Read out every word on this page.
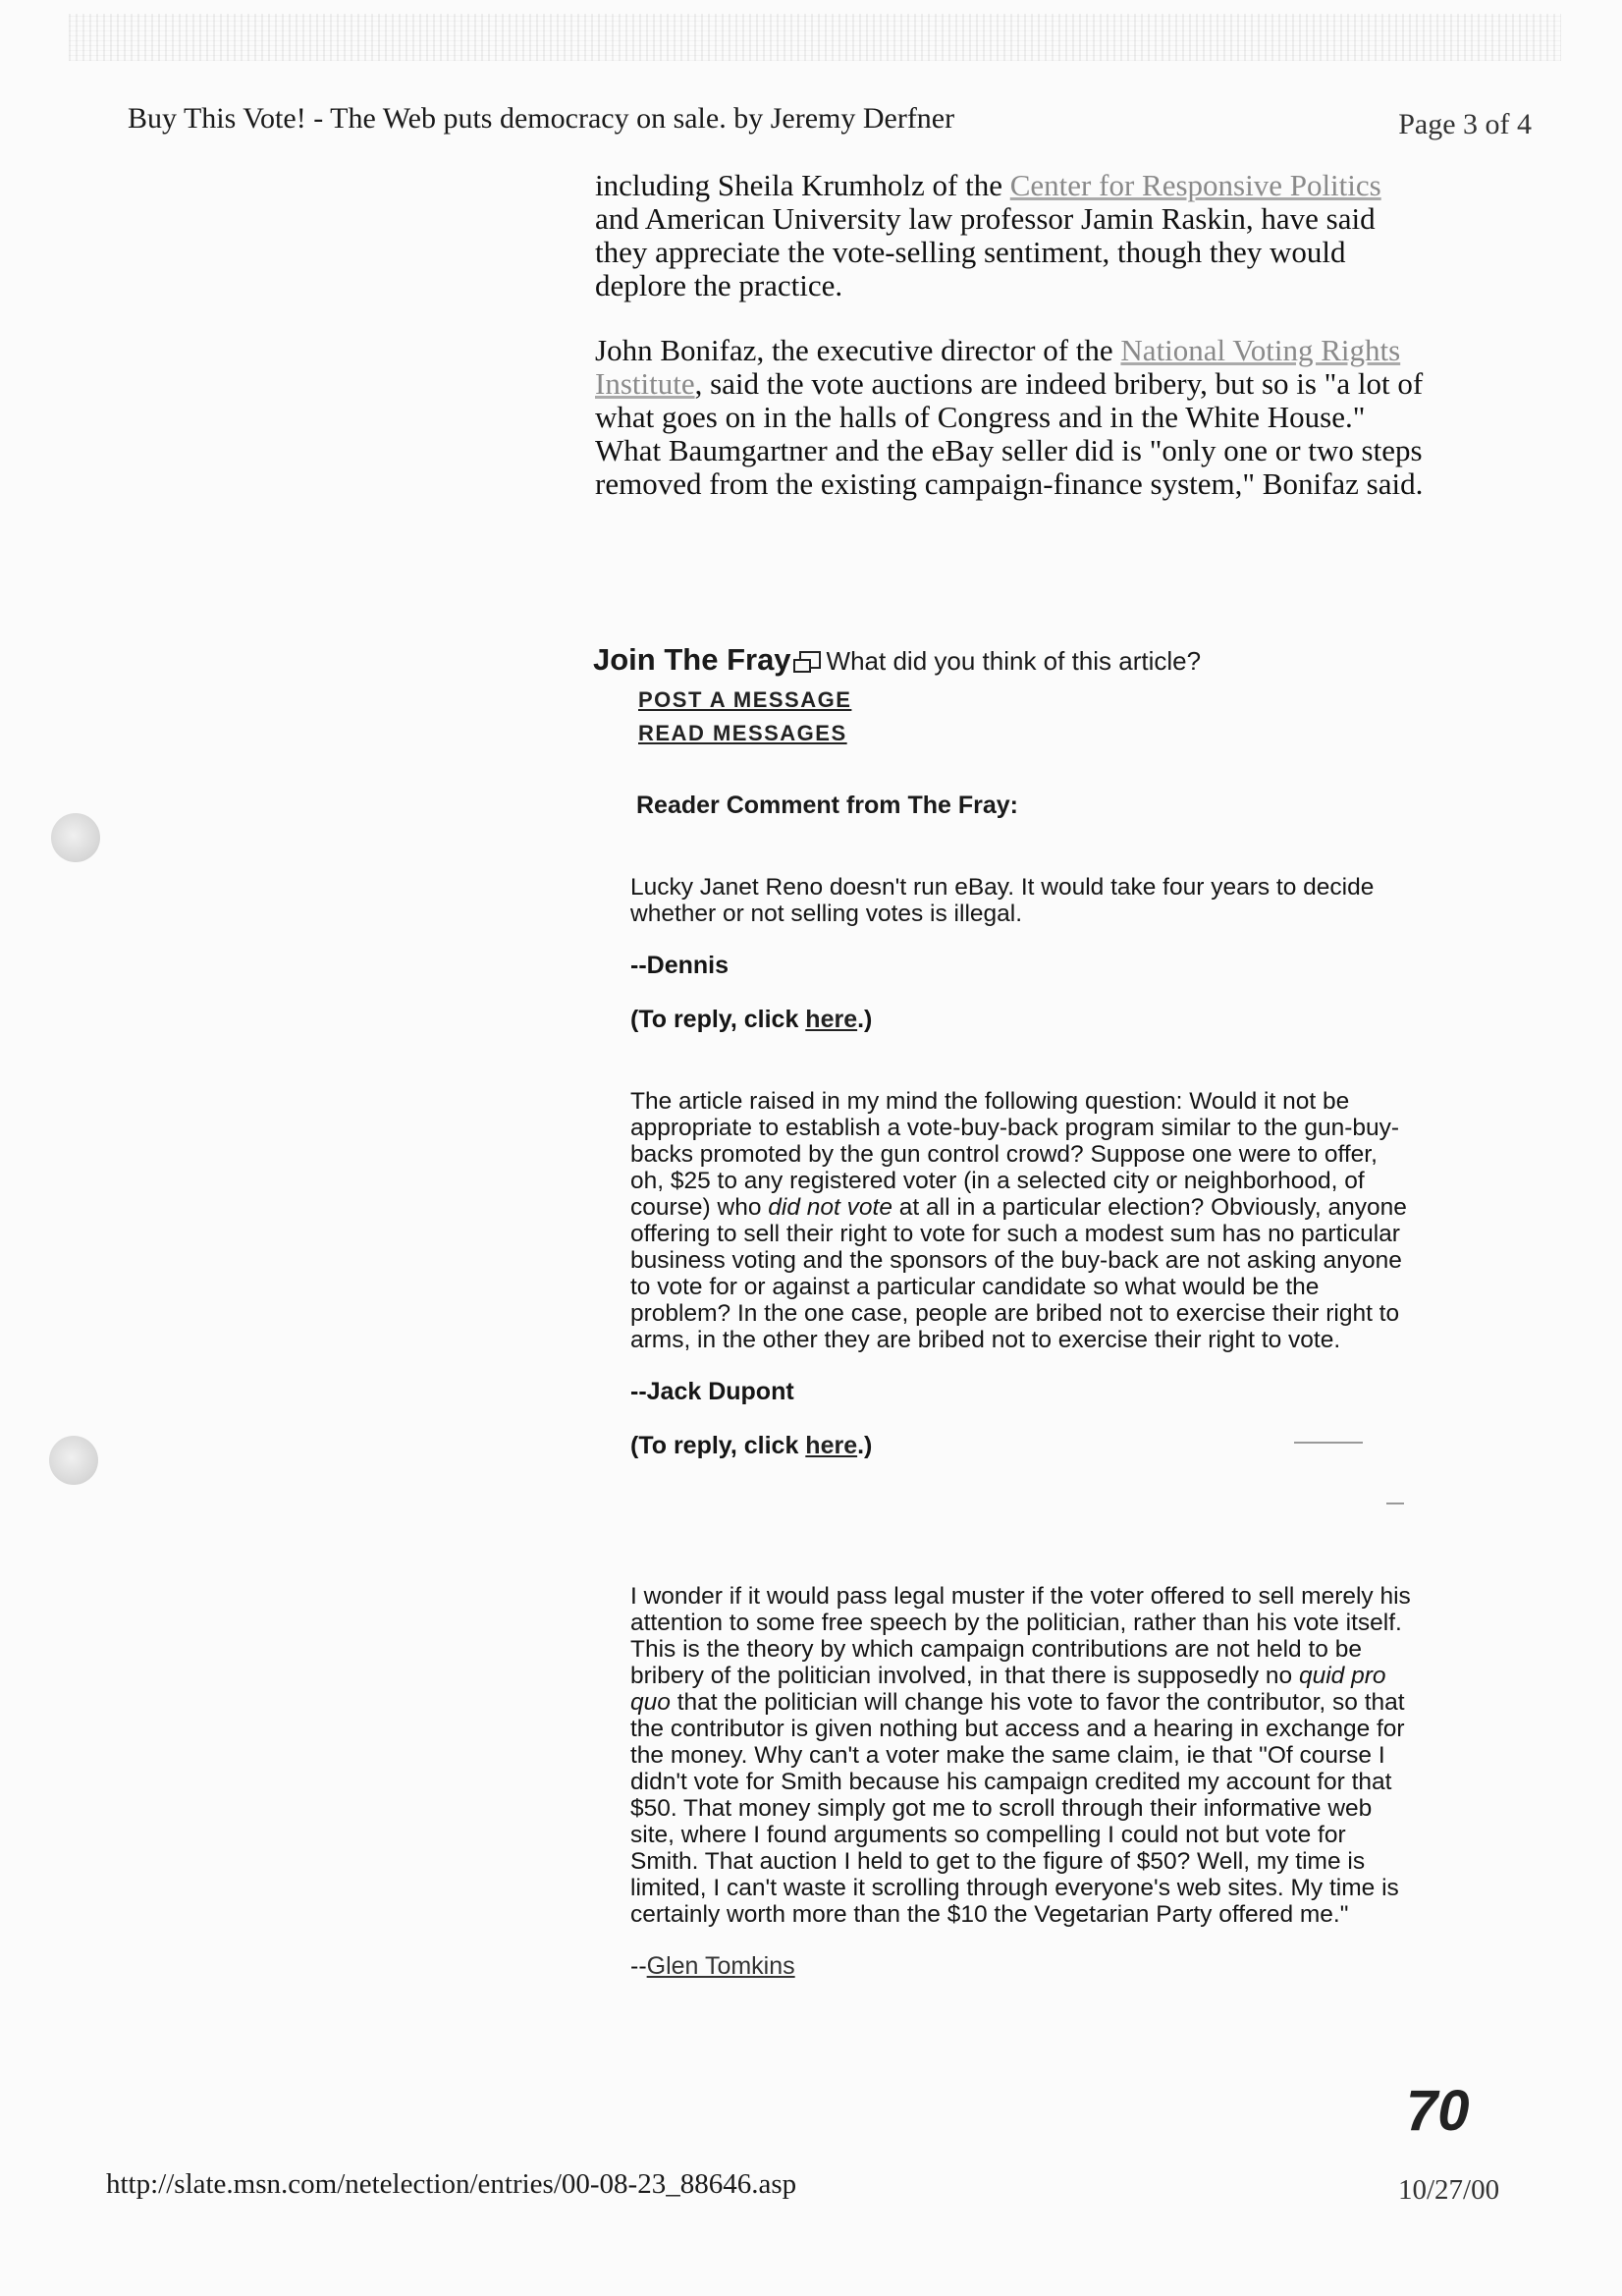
Buy This Vote! - The Web puts democracy on sale. by Jeremy Derfner	Page 3 of 4

including Sheila Krumholz of the Center for Responsive Politics and American University law professor Jamin Raskin, have said they appreciate the vote-selling sentiment, though they would deplore the practice.

John Bonifaz, the executive director of the National Voting Rights Institute, said the vote auctions are indeed bribery, but so is "a lot of what goes on in the halls of Congress and in the White House." What Baumgartner and the eBay seller did is "only one or two steps removed from the existing campaign-finance system," Bonifaz said.

Join The Fray What did you think of this article?
POST A MESSAGE
READ MESSAGES
Reader Comment from The Fray:

Lucky Janet Reno doesn't run eBay. It would take four years to decide whether or not selling votes is illegal.

--Dennis
(To reply, click here.)

The article raised in my mind the following question: Would it not be appropriate to establish a vote-buy-back program similar to the gun-buy-backs promoted by the gun control crowd? Suppose one were to offer, oh, $25 to any registered voter (in a selected city or neighborhood, of course) who did not vote at all in a particular election? Obviously, anyone offering to sell their right to vote for such a modest sum has no particular business voting and the sponsors of the buy-back are not asking anyone to vote for or against a particular candidate so what would be the problem? In the one case, people are bribed not to exercise their right to arms, in the other they are bribed not to exercise their right to vote.

--Jack Dupont
(To reply, click here.)

I wonder if it would pass legal muster if the voter offered to sell merely his attention to some free speech by the politician, rather than his vote itself. This is the theory by which campaign contributions are not held to be bribery of the politician involved, in that there is supposedly no quid pro quo that the politician will change his vote to favor the contributor, so that the contributor is given nothing but access and a hearing in exchange for the money. Why can't a voter make the same claim, ie that "Of course I didn't vote for Smith because his campaign credited my account for that $50. That money simply got me to scroll through their informative web site, where I found arguments so compelling I could not but vote for Smith. That auction I held to get to the figure of $50? Well, my time is limited, I can't waste it scrolling through everyone's web sites. My time is certainly worth more than the $10 the Vegetarian Party offered me."

--Glen Tomkins
70
http://slate.msn.com/netelection/entries/00-08-23_88646.asp	10/27/00
